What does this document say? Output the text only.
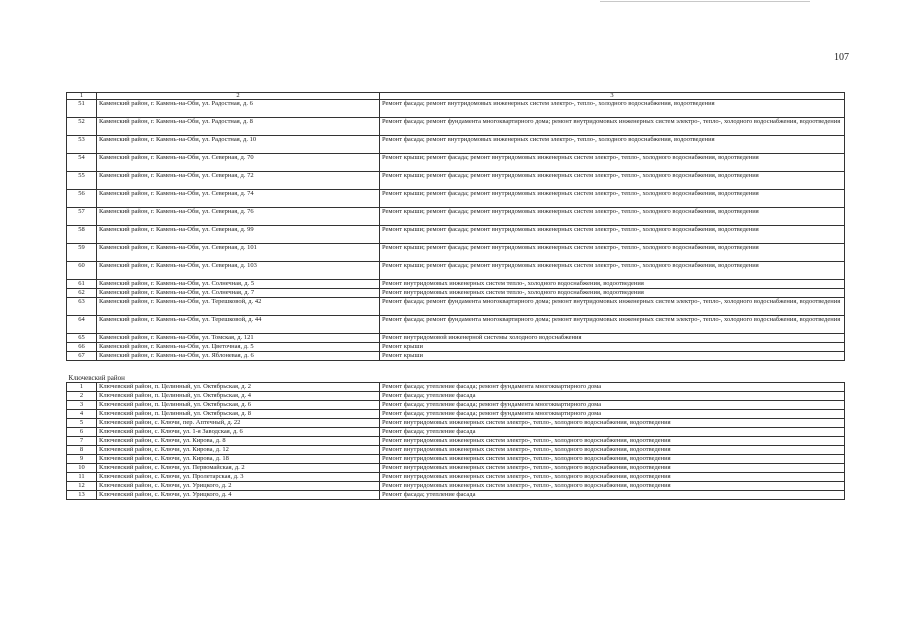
107
1	2	3
51	Каменский район, г. Камень-на-Оби, ул. Радостная, д. 6	Ремонт фасада; ремонт внутридомовых инженерных систем электро-, тепло-, холодного водоснабжения, водоотведения
52	Каменский район, г. Камень-на-Оби, ул. Радостная, д. 8	Ремонт фасада; ремонт фундамента многоквартирного дома; ремонт внутридомовых инженерных систем электро-, тепло-, холодного водоснабжения, водоотведения
53	Каменский район, г. Камень-на-Оби, ул. Радостная, д. 10	Ремонт фасада; ремонт внутридомовых инженерных систем электро-, тепло-, холодного водоснабжения, водоотведения
54	Каменский район, г. Камень-на-Оби, ул. Северная, д. 70	Ремонт крыши; ремонт фасада; ремонт внутридомовых инженерных систем электро-, тепло-, холодного водоснабжения, водоотведения
55	Каменский район, г. Камень-на-Оби, ул. Северная, д. 72	Ремонт крыши; ремонт фасада; ремонт внутридомовых инженерных систем электро-, тепло-, холодного водоснабжения, водоотведения
56	Каменский район, г. Камень-на-Оби, ул. Северная, д. 74	Ремонт крыши; ремонт фасада; ремонт внутридомовых инженерных систем электро-, тепло-, холодного водоснабжения, водоотведения
57	Каменский район, г. Камень-на-Оби, ул. Северная, д. 76	Ремонт крыши; ремонт фасада; ремонт внутридомовых инженерных систем электро-, тепло-, холодного водоснабжения, водоотведения
58	Каменский район, г. Камень-на-Оби, ул. Северная, д. 99	Ремонт крыши; ремонт фасада; ремонт внутридомовых инженерных систем электро-, тепло-, холодного водоснабжения, водоотведения
59	Каменский район, г. Камень-на-Оби, ул. Северная, д. 101	Ремонт крыши; ремонт фасада; ремонт внутридомовых инженерных систем электро-, тепло-, холодного водоснабжения, водоотведения
60	Каменский район, г. Камень-на-Оби, ул. Северная, д. 103	Ремонт крыши; ремонт фасада; ремонт внутридомовых инженерных систем электро-, тепло-, холодного водоснабжения, водоотведения
61	Каменский район, г. Камень-на-Оби, ул. Солнечная, д. 5	Ремонт внутридомовых инженерных систем тепло-, холодного водоснабжения, водоотведения
62	Каменский район, г. Камень-на-Оби, ул. Солнечная, д. 7	Ремонт внутридомовых инженерных систем тепло-, холодного водоснабжения, водоотведения
63	Каменский район, г. Камень-на-Оби, ул. Терешковой, д. 42	Ремонт фасада; ремонт фундамента многоквартирного дома; ремонт внутридомовых инженерных систем электро-, тепло-, холодного водоснабжения, водоотведения
64	Каменский район, г. Камень-на-Оби, ул. Терешковой, д. 44	Ремонт фасада; ремонт фундамента многоквартирного дома; ремонт внутридомовых инженерных систем электро-, тепло-, холодного водоснабжения, водоотведения
65	Каменский район, г. Камень-на-Оби, ул. Томская, д. 121	Ремонт внутридомовой инженерной системы холодного водоснабжения
66	Каменский район, г. Камень-на-Оби, ул. Цветочная, д. 5	Ремонт крыши
67	Каменский район, г. Камень-на-Оби, ул. Яблоневая, д. 6	Ремонт крыши

Ключевский район		
1	Ключевский район, п. Целинный, ул. Октябрьская, д. 2	Ремонт фасада; утепление фасада; ремонт фундамента многоквартирного дома
2	Ключевский район, п. Целинный, ул. Октябрьская, д. 4	Ремонт фасада; утепление фасада
3	Ключевский район, п. Целинный, ул. Октябрьская, д. 6	Ремонт фасада; утепление фасада; ремонт фундамента многоквартирного дома
4	Ключевский район, п. Целинный, ул. Октябрьская, д. 8	Ремонт фасада; утепление фасада; ремонт фундамента многоквартирного дома
5	Ключевский район, с. Ключи, пер. Аптечный, д. 22	Ремонт внутридомовых инженерных систем электро-, тепло-, холодного водоснабжения, водоотведения
6	Ключевский район, с. Ключи, ул. 1-я Заводская, д. 6	Ремонт фасада; утепление фасада
7	Ключевский район, с. Ключи, ул. Кирова, д. 8	Ремонт внутридомовых инженерных систем электро-, тепло-, холодного водоснабжения, водоотведения
8	Ключевский район, с. Ключи, ул. Кирова, д. 12	Ремонт внутридомовых инженерных систем электро-, тепло-, холодного водоснабжения, водоотведения
9	Ключевский район, с. Ключи, ул. Кирова, д. 18	Ремонт внутридомовых инженерных систем электро-, тепло-, холодного водоснабжения, водоотведения
10	Ключевский район, с. Ключи, ул. Первомайская, д. 2	Ремонт внутридомовых инженерных систем электро-, тепло-, холодного водоснабжения, водоотведения
11	Ключевский район, с. Ключи, ул. Пролетарская, д. 3	Ремонт внутридомовых инженерных систем электро-, тепло-, холодного водоснабжения, водоотведения
12	Ключевский район, с. Ключи, ул. Урицкого, д. 2	Ремонт внутридомовых инженерных систем электро-, тепло-, холодного водоснабжения, водоотведения
13	Ключевский район, с. Ключи, ул. Урицкого, д. 4	Ремонт фасада; утепление фасада
